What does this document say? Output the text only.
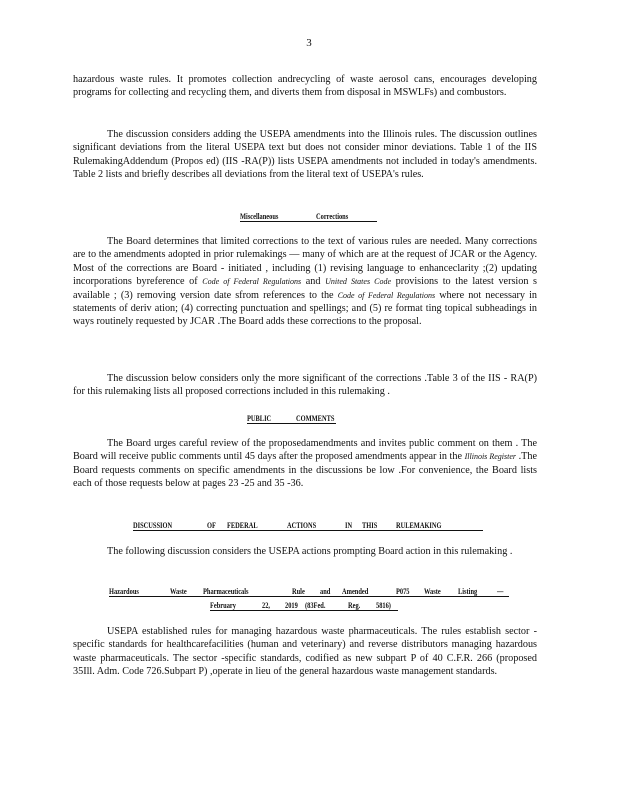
3
hazardous waste rules. It promotes collection andrecycling of waste aerosol cans, encourages developing programs for collecting and recycling them, and diverts them from disposal in MSWLFs) and combustors.
The discussion considers adding the USEPA amendments into the Illinois rules. The discussion outlines significant deviations from the literal USEPA text but does not consider minor deviations. Table 1 of the IIS RulemakingAddendum (Propos ed) (IIS -RA(P)) lists USEPA amendments not included in today's amendments. Table 2 lists and briefly describes all deviations from the literal text of USEPA's rules.
Miscellaneous	Corrections
The Board determines that limited corrections to the text of various rules are needed. Many corrections are to the amendments adopted in prior rulemakings — many of which are at the request of JCAR or the Agency. Most of the corrections are Board - initiated , including (1) revising language to enhanceclarity ;(2) updating incorporations byreference of Code of Federal Regulations and United States Code provisions to the latest version s available ; (3) removing version date sfrom references to the Code of Federal Regulations where not necessary in statements of deriv ation; (4) correcting punctuation and spellings; and (5) re format ting topical subheadings in ways routinely requested by JCAR .The Board adds these corrections to the proposal.
The discussion below considers only the more significant of the corrections .Table 3 of the IIS - RA(P) for this rulemaking lists all proposed corrections included in this rulemaking .
PUBLIC	COMMENTS
The Board urges careful review of the proposedamendments and invites public comment on them . The Board will receive public comments until 45 days after the proposed amendments appear in the Illinois Register .The Board requests comments on specific amendments in the discussions be low .For convenience, the Board lists each of those requests below at pages 23 -25 and 35 -36.
DISCUSSION	OF FEDERAL	ACTIONS	IN THIS RULEMAKING
The following discussion considers the USEPA actions prompting Board action in this rulemaking .
Hazardous	Waste Pharmaceuticals	Rule and Amended	P075 Waste Listing —
February	22, 2019 (83Fed.	Reg. 5816)
USEPA established rules for managing hazardous waste pharmaceuticals. The rules establish sector - specific standards for healthcarefacilities (human and veterinary) and reverse distributors managing hazardous waste pharmaceuticals. The sector -specific standards, codified as new subpart P of 40 C.F.R. 266 (proposed 35Ill. Adm. Code 726.Subpart P) ,operate in lieu of the general hazardous waste management standards.
